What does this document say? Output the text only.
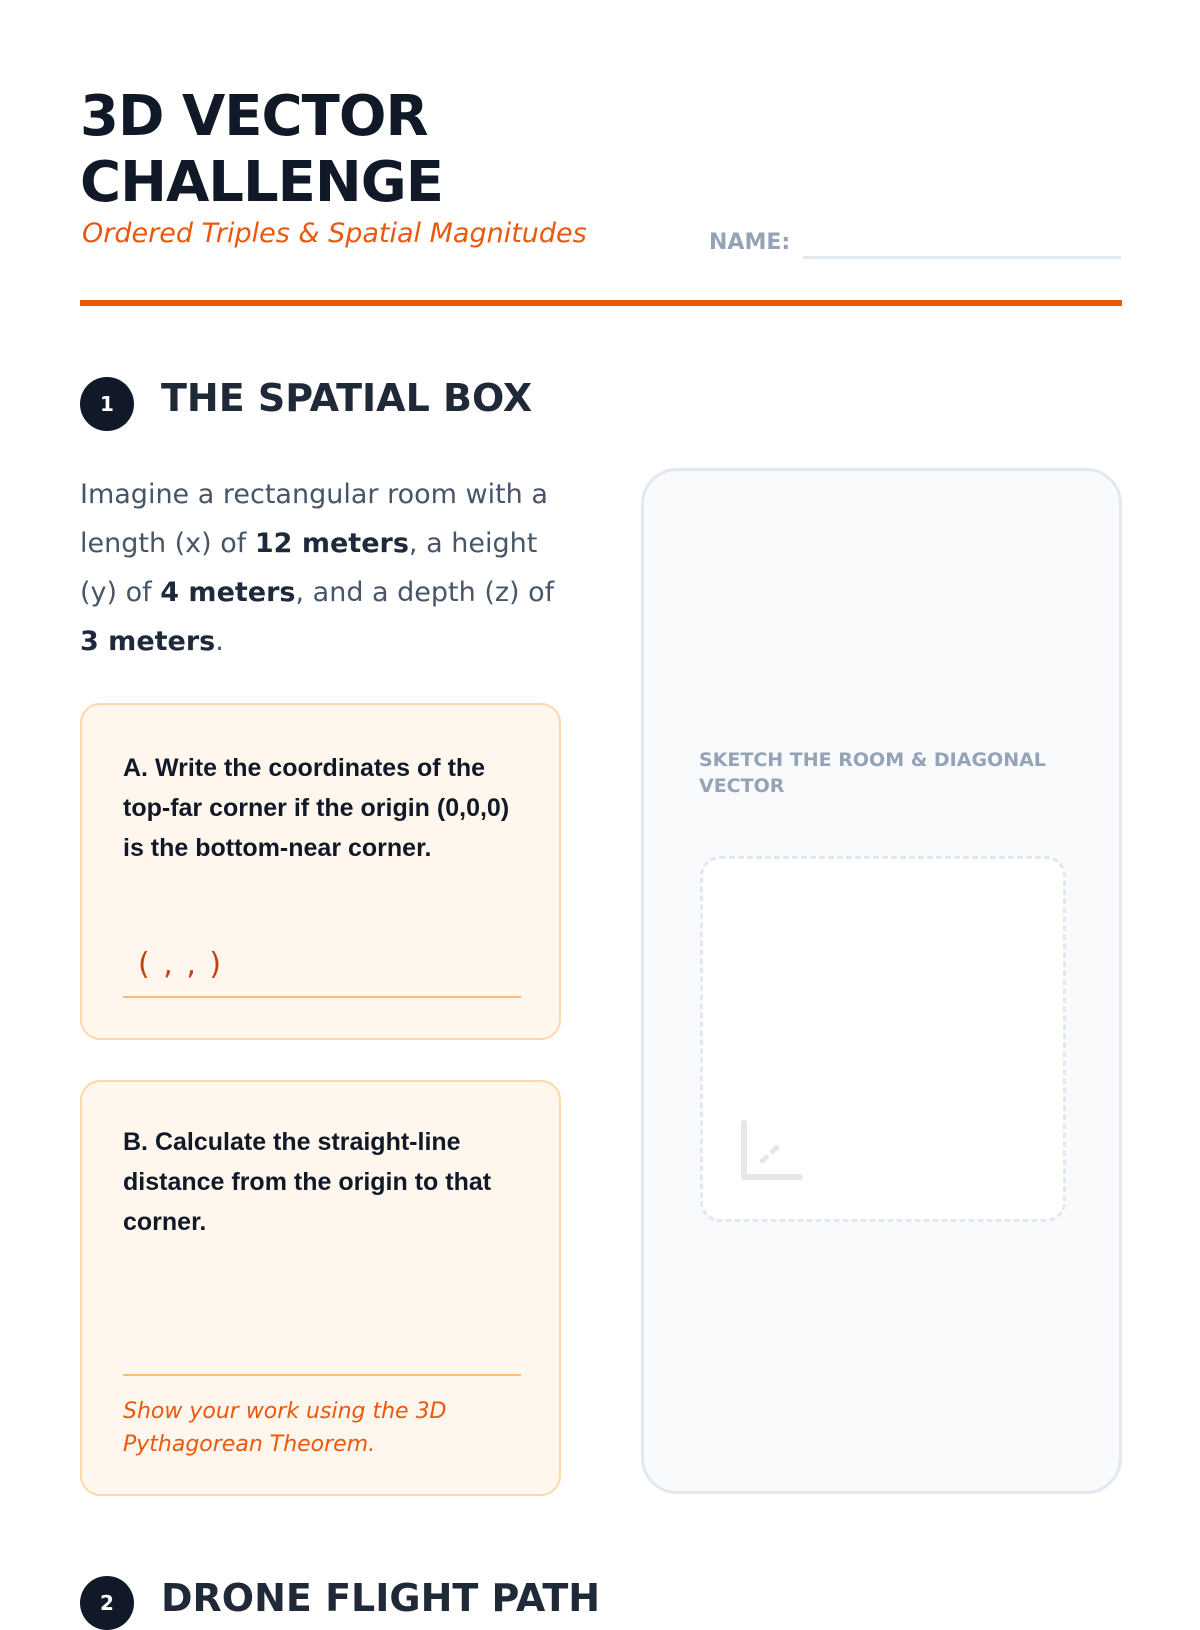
3D VECTOR
CHALLENGE
Ordered Triples & Spatial Magnitudes	NAME:
1	THE SPATIAL BOX

Imagine a rectangular room with a length (x) of 12 meters, a height (y) of 4 meters, and a depth (z) of 3 meters.

A. Write the coordinates of the top-far corner if the origin (0,0,0) is the bottom-near corner.

( , , )

B. Calculate the straight-line distance from the origin to that corner.

Show your work using the 3D Pythagorean Theorem.

SKETCH THE ROOM & DIAGONAL VECTOR

2	DRONE FLIGHT PATH
